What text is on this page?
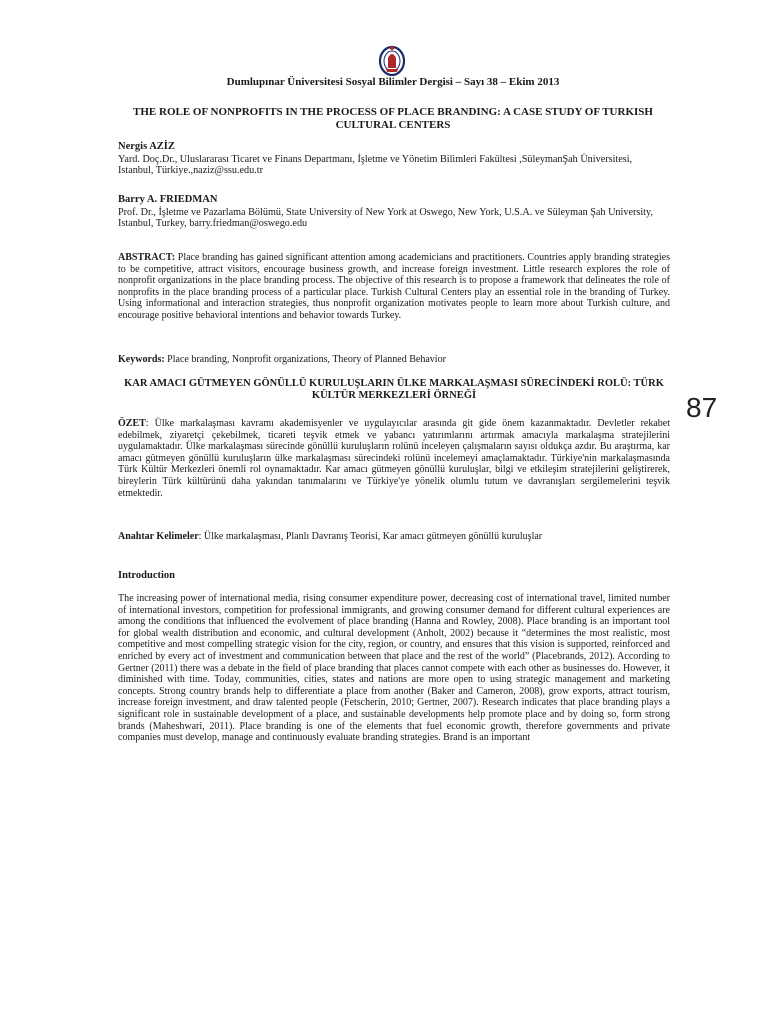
Dumlupınar Üniversitesi Sosyal Bilimler Dergisi – Sayı 38 – Ekim 2013
THE ROLE OF NONPROFITS IN THE PROCESS OF PLACE BRANDING: A CASE STUDY OF TURKISH CULTURAL CENTERS
Nergis AZİZ
Yard. Doç.Dr., Uluslararası Ticaret ve Finans Departmanı, İşletme ve Yönetim Bilimleri Fakültesi ,SüleymanŞah Üniversitesi, Istanbul, Türkiye.,naziz@ssu.edu.tr
Barry A. FRIEDMAN
Prof. Dr., İşletme ve Pazarlama Bölümü, State University of New York at Oswego, New York, U.S.A. ve Süleyman Şah University, Istanbul, Turkey, barry.friedman@oswego.edu
ABSTRACT: Place branding has gained significant attention among academicians and practitioners. Countries apply branding strategies to be competitive, attract visitors, encourage business growth, and increase foreign investment. Little research explores the role of nonprofit organizations in the place branding process. The objective of this research is to propose a framework that delineates the role of nonprofits in the place branding process of a particular place. Turkish Cultural Centers play an essential role in the branding of Turkey. Using informational and interaction strategies, thus nonprofit organization motivates people to learn more about Turkish culture, and encourage positive behavioral intentions and behavior towards Turkey.
Keywords: Place branding, Nonprofit organizations, Theory of Planned Behavior
KAR AMACI GÜTMEYEN GÖNÜLLÜ KURULUŞLARIN ÜLKE MARKALAŞMASI SÜRECİNDEKİ ROLÜ: TÜRK KÜLTÜR MERKEZLERİ ÖRNEĞİ
ÖZET: Ülke markalaşması kavramı akademisyenler ve uygulayıcılar arasında git gide önem kazanmaktadır. Devletler rekabet edebilmek, ziyaretçi çekebilmek, ticareti teşvik etmek ve yabancı yatırımlarını artırmak amacıyla markalaşma stratejilerini uygulamaktadır. Ülke markalaşması sürecinde gönüllü kuruluşların rolünü inceleyen çalışmaların sayısı oldukça azdır. Bu araştırma, kar amacı gütmeyen gönüllü kuruluşların ülke markalaşması sürecindeki rolünü incelemeyi amaçlamaktadır. Türkiye'nin markalaşmasında Türk Kültür Merkezleri önemli rol oynamaktadır. Kar amacı gütmeyen gönüllü kuruluşlar, bilgi ve etkileşim stratejilerini geliştirerek, bireylerin Türk kültürünü daha yakından tanımalarını ve Türkiye'ye yönelik olumlu tutum ve davranışları sergilemelerini teşvik etmektedir.
Anahtar Kelimeler: Ülke markalaşması, Planlı Davranış Teorisi, Kar amacı gütmeyen gönüllü kuruluşlar
Introduction
The increasing power of international media, rising consumer expenditure power, decreasing cost of international travel, limited number of international investors, competition for professional immigrants, and growing consumer demand for different cultural experiences are among the conditions that influenced the evolvement of place branding (Hanna and Rowley, 2008). Place branding is an important tool for global wealth distribution and economic, and cultural development (Anholt, 2002) because it “determines the most realistic, most competitive and most compelling strategic vision for the city, region, or country, and ensures that this vision is supported, reinforced and enriched by every act of investment and communication between that place and the rest of the world” (Placebrands, 2012). According to Gertner (2011) there was a debate in the field of place branding that places cannot compete with each other as businesses do. However, it diminished with time. Today, communities, cities, states and nations are more open to using strategic management and marketing concepts. Strong country brands help to differentiate a place from another (Baker and Cameron, 2008), grow exports, attract tourism, increase foreign investment, and draw talented people (Fetscherin, 2010; Gertner, 2007). Research indicates that place branding plays a significant role in sustainable development of a place, and sustainable developments help promote place and by doing so, form strong brands (Maheshwari, 2011). Place branding is one of the elements that fuel economic growth, therefore governments and private companies must develop, manage and continuously evaluate branding strategies. Brand is an important
87
